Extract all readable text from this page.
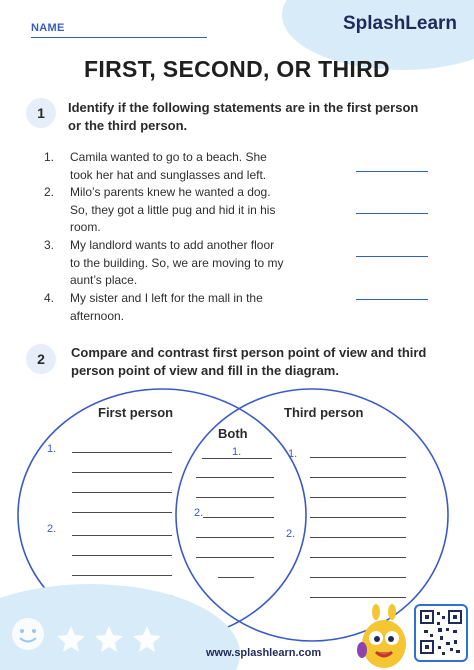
SplashLearn
NAME
FIRST, SECOND, OR THIRD
1	Identify if the following statements are in the first person
or the third person.
1.	Camila wanted to go to a beach. She
took her hat and sunglasses and left.
2.	Milo’s parents knew he wanted a dog.
So, they got a little pug and hid it in his
room.
3.	My landlord wants to add another floor
to the building. So, we are moving to my
aunt’s place.
4.	My sister and I left for the mall in the
afternoon.
2	Compare and contrast first person point of view and third
person point of view and fill in the diagram.
First person
Both
Third person
1.
2.
1.
2.
1.
2.
www.splashlearn.com
